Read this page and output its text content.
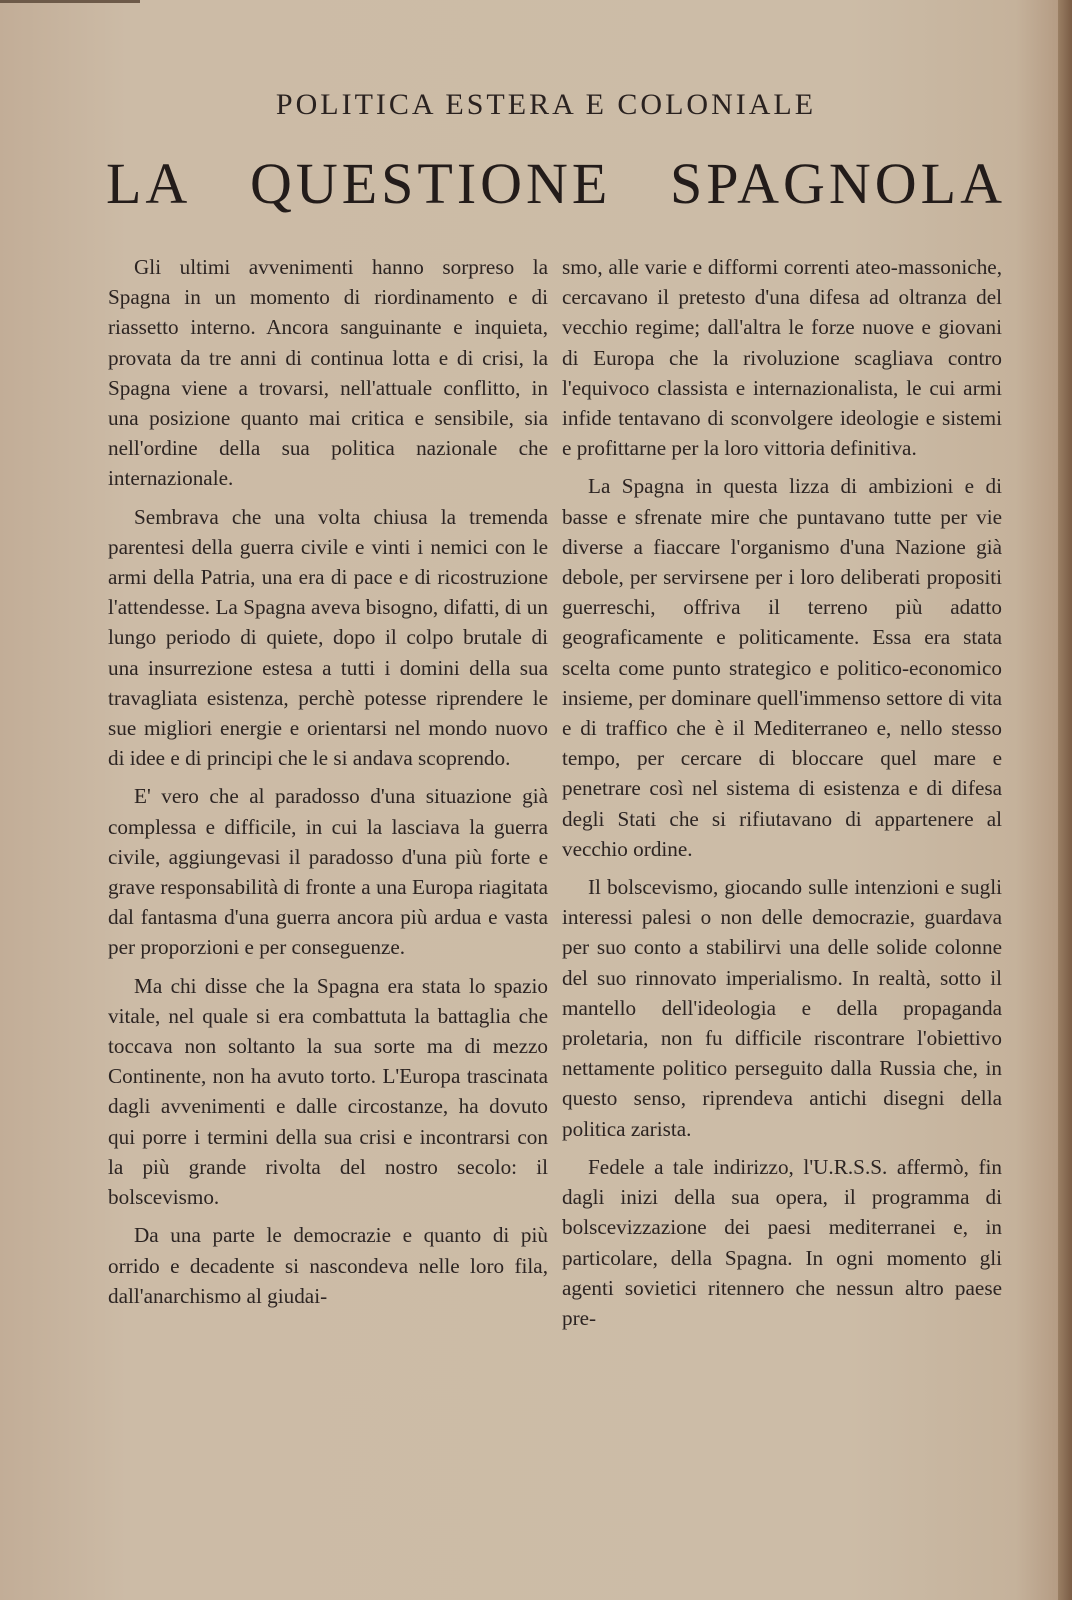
POLITICA ESTERA E COLONIALE
LA QUESTIONE SPAGNOLA

Gli ultimi avvenimenti hanno sorpreso la Spagna in un momento di riordinamento e di riassetto interno. Ancora sanguinante e inquieta, provata da tre anni di continua lotta e di crisi, la Spagna viene a trovarsi, nell'attuale conflitto, in una posizione quanto mai critica e sensibile, sia nell'ordine della sua politica nazionale che internazionale.

Sembrava che una volta chiusa la tremenda parentesi della guerra civile e vinti i nemici con le armi della Patria, una era di pace e di ricostruzione l'attendesse. La Spagna aveva bisogno, difatti, di un lungo periodo di quiete, dopo il colpo brutale di una insurrezione estesa a tutti i domini della sua travagliata esistenza, perchè potesse riprendere le sue migliori energie e orientarsi nel mondo nuovo di idee e di principi che le si andava scoprendo.

E' vero che al paradosso d'una situazione già complessa e difficile, in cui la lasciava la guerra civile, aggiungevasi il paradosso d'una più forte e grave responsabilità di fronte a una Europa riagitata dal fantasma d'una guerra ancora più ardua e vasta per proporzioni e per conseguenze.

Ma chi disse che la Spagna era stata lo spazio vitale, nel quale si era combattuta la battaglia che toccava non soltanto la sua sorte ma di mezzo Continente, non ha avuto torto. L'Europa trascinata dagli avvenimenti e dalle circostanze, ha dovuto qui porre i termini della sua crisi e incontrarsi con la più grande rivolta del nostro secolo: il bolscevismo.

Da una parte le democrazie e quanto di più orrido e decadente si nascondeva nelle loro fila, dall'anarchismo al giudai-

smo, alle varie e difformi correnti ateo-massoniche, cercavano il pretesto d'una difesa ad oltranza del vecchio regime; dall'altra le forze nuove e giovani di Europa che la rivoluzione scagliava contro l'equivoco classista e internazionalista, le cui armi infide tentavano di sconvolgere ideologie e sistemi e profittarne per la loro vittoria definitiva.

La Spagna in questa lizza di ambizioni e di basse e sfrenate mire che puntavano tutte per vie diverse a fiaccare l'organismo d'una Nazione già debole, per servirsene per i loro deliberati propositi guerreschi, offriva il terreno più adatto geograficamente e politicamente. Essa era stata scelta come punto strategico e politico-economico insieme, per dominare quell'immenso settore di vita e di traffico che è il Mediterraneo e, nello stesso tempo, per cercare di bloccare quel mare e penetrare così nel sistema di esistenza e di difesa degli Stati che si rifiutavano di appartenere al vecchio ordine.

Il bolscevismo, giocando sulle intenzioni e sugli interessi palesi o non delle democrazie, guardava per suo conto a stabilirvi una delle solide colonne del suo rinnovato imperialismo. In realtà, sotto il mantello dell'ideologia e della propaganda proletaria, non fu difficile riscontrare l'obiettivo nettamente politico perseguito dalla Russia che, in questo senso, riprendeva antichi disegni della politica zarista.

Fedele a tale indirizzo, l'U.R.S.S. affermò, fin dagli inizi della sua opera, il programma di bolscevizzazione dei paesi mediterranei e, in particolare, della Spagna. In ogni momento gli agenti sovietici ritennero che nessun altro paese pre-
